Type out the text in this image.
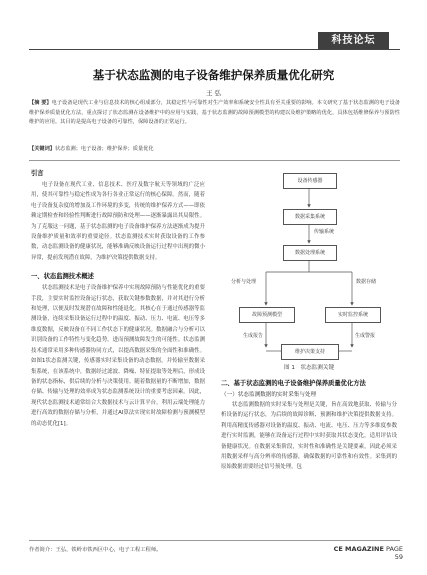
科技论坛
基于状态监测的电子设备维护保养质量优化研究
王 弘
【摘 要】电子设备是现代工业与信息技术的核心组成部分，其稳定性与可靠性对生产效率和系统安全性具有至关重要的影响。本文研究了基于状态监测的电子设备维护保养质量优化方法，重点探讨了状态监测在设备维护中的应用与实践，基于状态监测的故障预测模型的构建以及维护策略的优化，具体包括维修保养与预防性维护的应用。其目的是提高电子设备的可靠性，保障设备的正常运行。
【关键词】状态监测；电子设备；维护保养；质量优化
引言

电子设备在现代工业、信息技术、医疗及数字航天等领域的广泛应用，使其可靠性与稳定性成为各行各业正常运行的核心保障。然而，随着电子设备复杂度的增加及工作环境的多变，传统的维护保养方式——即依赖定期检查和经验性判断进行故障预防和处理——逐渐暴露出其局限性。为了克服这一问题，基于状态监测的电子设备维护保养方法逐渐成为提升设备维护质量和效率的重要途径。状态监测技术实时获取设备的工作参数，动态监测设备的健康状况，能够准确反映设备运行过程中出现的微小异常，提前发现潜在故障，为维护决策提供数据支持。

一、状态监测技术概述

状态监测技术是电子设备维护保养中实现故障预防与性能优化的重要手段，主要实时监控设备运行状态，获取关键参数数据，并对其进行分析和处理，以便及时发现潜在故障和性能退化。其核心在于通过传感器等监测设备，连续采集设备运行过程中的温度、振动、压力、电流、电压等多维度数据，反映设备在不同工作状态下的健康状况。数据融合与分析可以识别设备的工作特性与变化趋势，进而预测故障发生的可能性。状态监测技术通常采用多种传感器协同方式，以提高数据采集的全面性和准确性。如图1状态监测关键，传感器实时采集设备的动态数据，并传输至数据采集系统，在该系统中，数据经过滤波、降噪、特征提取等处理后，形成设备的状态指标，供后续的分析与决策使用。随着数据量的不断增加，数据存储、传输与处理的效率成为状态监测系统设计的重要考虑因素。因此，现代状态监测技术通常结合大数据技术与云计算平台，利用云端处理能力进行高效的数据存储与分析，并通过AI算法实现实时故障检测与预测模型的动态优化[1]。

设备传感器
数据采集系统
传输系统
数据处理系统
分析与处理	数据存储
故障预测模型	实时监控系统
生成报告	生成警报
维护决策支持
图 1　状态监测关键
二、基于状态监测的电子设备维护保养质量优化方法
（一）状态监测数据的实时采集与处理

状态监测数据的实时采集与处理是关键，旨在高效地获取、传输与分析设备的运行状态，为后续的故障诊断、预测和维护决策提供数据支持。利用高精度传感器对设备的温度、振动、电流、电压、压力等多维度参数进行实时监测，能够在设备运行过程中实时获取其状态变化，适用评估设备健康状况。在数据采集阶段，实时性和准确性是关键要素，因此必须采用数据采样与高分辨率的传感器，确保数据的可靠性和有效性。采集到的原始数据需要经过信号预处理，包

作者简介：王弘，铁岭市铁西区中心，电子工程工程师。	CE MAGAZINE PAGE 59
